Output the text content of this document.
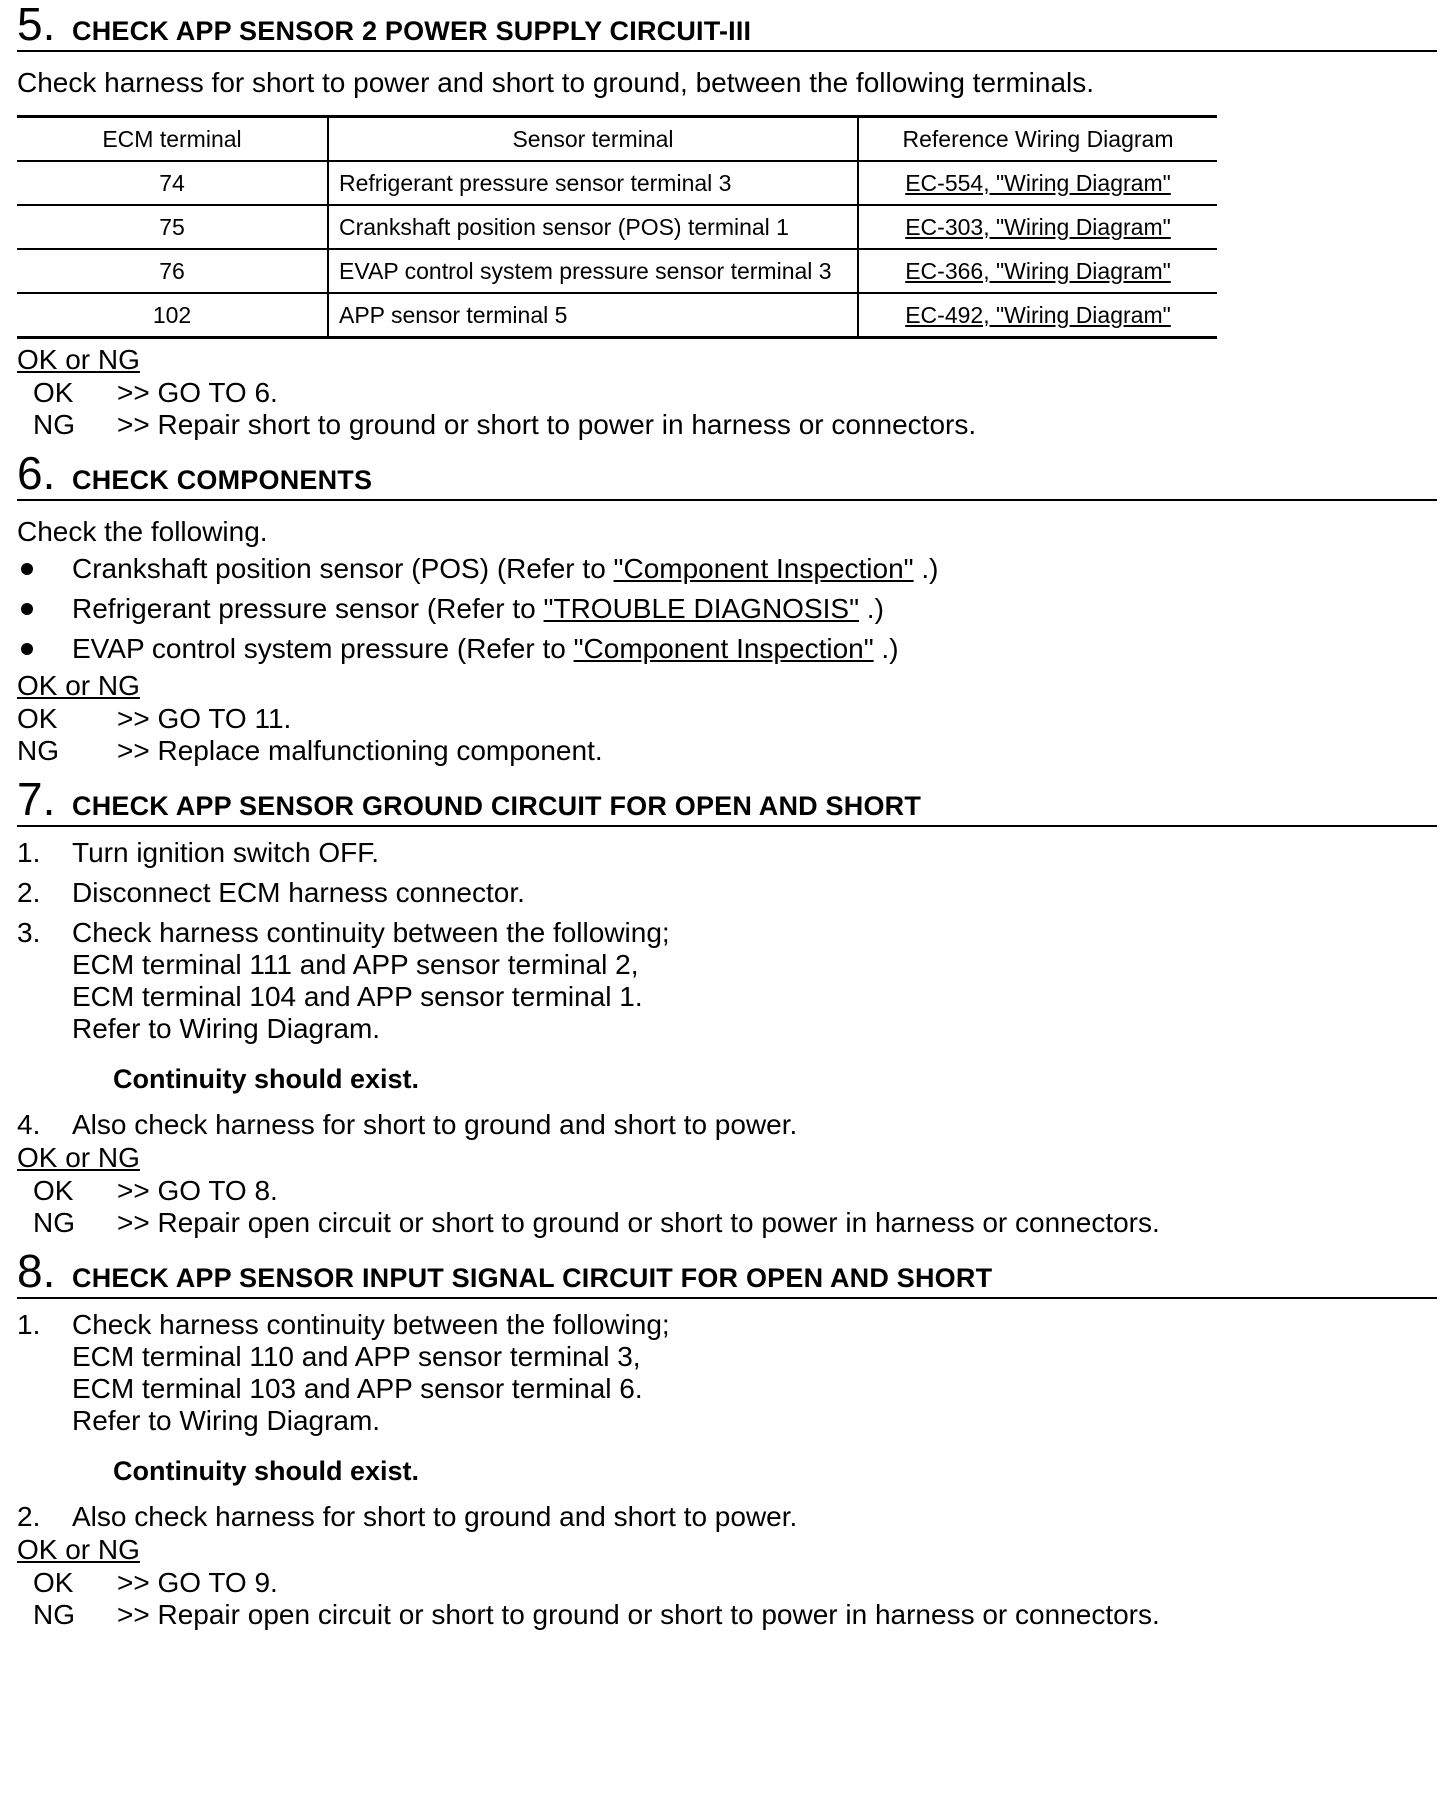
5. CHECK APP SENSOR 2 POWER SUPPLY CIRCUIT-III

Check harness for short to power and short to ground, between the following terminals.

ECM terminal	Sensor terminal	Reference Wiring Diagram
74	Refrigerant pressure sensor terminal 3	EC-554, "Wiring Diagram"
75	Crankshaft position sensor (POS) terminal 1	EC-303, "Wiring Diagram"
76	EVAP control system pressure sensor terminal 3	EC-366, "Wiring Diagram"
102	APP sensor terminal 5	EC-492, "Wiring Diagram"

OK or NG

OK	>> GO TO 6.
NG	>> Repair short to ground or short to power in harness or connectors.
6. CHECK COMPONENTS

Check the following.

Crankshaft position sensor (POS) (Refer to "Component Inspection" .)
Refrigerant pressure sensor (Refer to "TROUBLE DIAGNOSIS" .)
EVAP control system pressure (Refer to "Component Inspection" .)

OK or NG

OK	>> GO TO 11.
NG	>> Replace malfunctioning component.
7. CHECK APP SENSOR GROUND CIRCUIT FOR OPEN AND SHORT
1. Turn ignition switch OFF.
2. Disconnect ECM harness connector.
3. Check harness continuity between the following;
ECM terminal 111 and APP sensor terminal 2,
ECM terminal 104 and APP sensor terminal 1.
Refer to Wiring Diagram.

Continuity should exist.

4. Also check harness for short to ground and short to power.

OK or NG

OK	>> GO TO 8.
NG	>> Repair open circuit or short to ground or short to power in harness or connectors.
8. CHECK APP SENSOR INPUT SIGNAL CIRCUIT FOR OPEN AND SHORT
1. Check harness continuity between the following;
ECM terminal 110 and APP sensor terminal 3,
ECM terminal 103 and APP sensor terminal 6.
Refer to Wiring Diagram.

Continuity should exist.

2. Also check harness for short to ground and short to power.

OK or NG

OK	>> GO TO 9.
NG	>> Repair open circuit or short to ground or short to power in harness or connectors.
